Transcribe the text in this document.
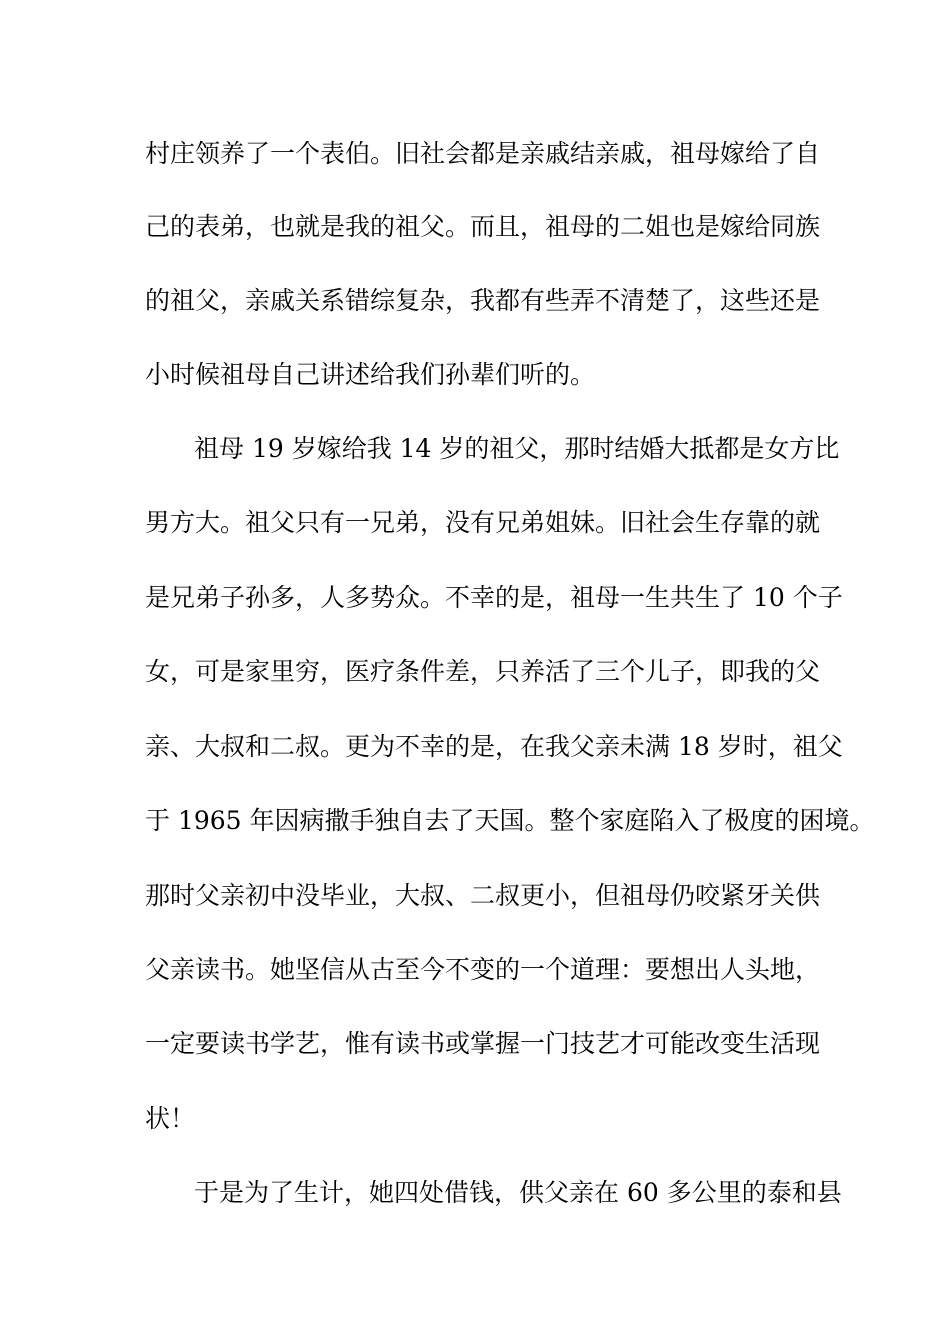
村庄领养了一个表伯。旧社会都是亲戚结亲戚，祖母嫁给了自
己的表弟，也就是我的祖父。而且，祖母的二姐也是嫁给同族
的祖父，亲戚关系错综复杂，我都有些弄不清楚了，这些还是
小时候祖母自己讲述给我们孙辈们听的。
祖母 19 岁嫁给我 14 岁的祖父，那时结婚大抵都是女方比
男方大。祖父只有一兄弟，没有兄弟姐妹。旧社会生存靠的就
是兄弟子孙多，人多势众。不幸的是，祖母一生共生了 10 个子
女，可是家里穷，医疗条件差，只养活了三个儿子，即我的父
亲、大叔和二叔。更为不幸的是，在我父亲未满 18 岁时，祖父
于 1965 年因病撒手独自去了天国。整个家庭陷入了极度的困境。
那时父亲初中没毕业，大叔、二叔更小，但祖母仍咬紧牙关供
父亲读书。她坚信从古至今不变的一个道理：要想出人头地，
一定要读书学艺，惟有读书或掌握一门技艺才可能改变生活现
状！
于是为了生计，她四处借钱，供父亲在 60 多公里的泰和县
